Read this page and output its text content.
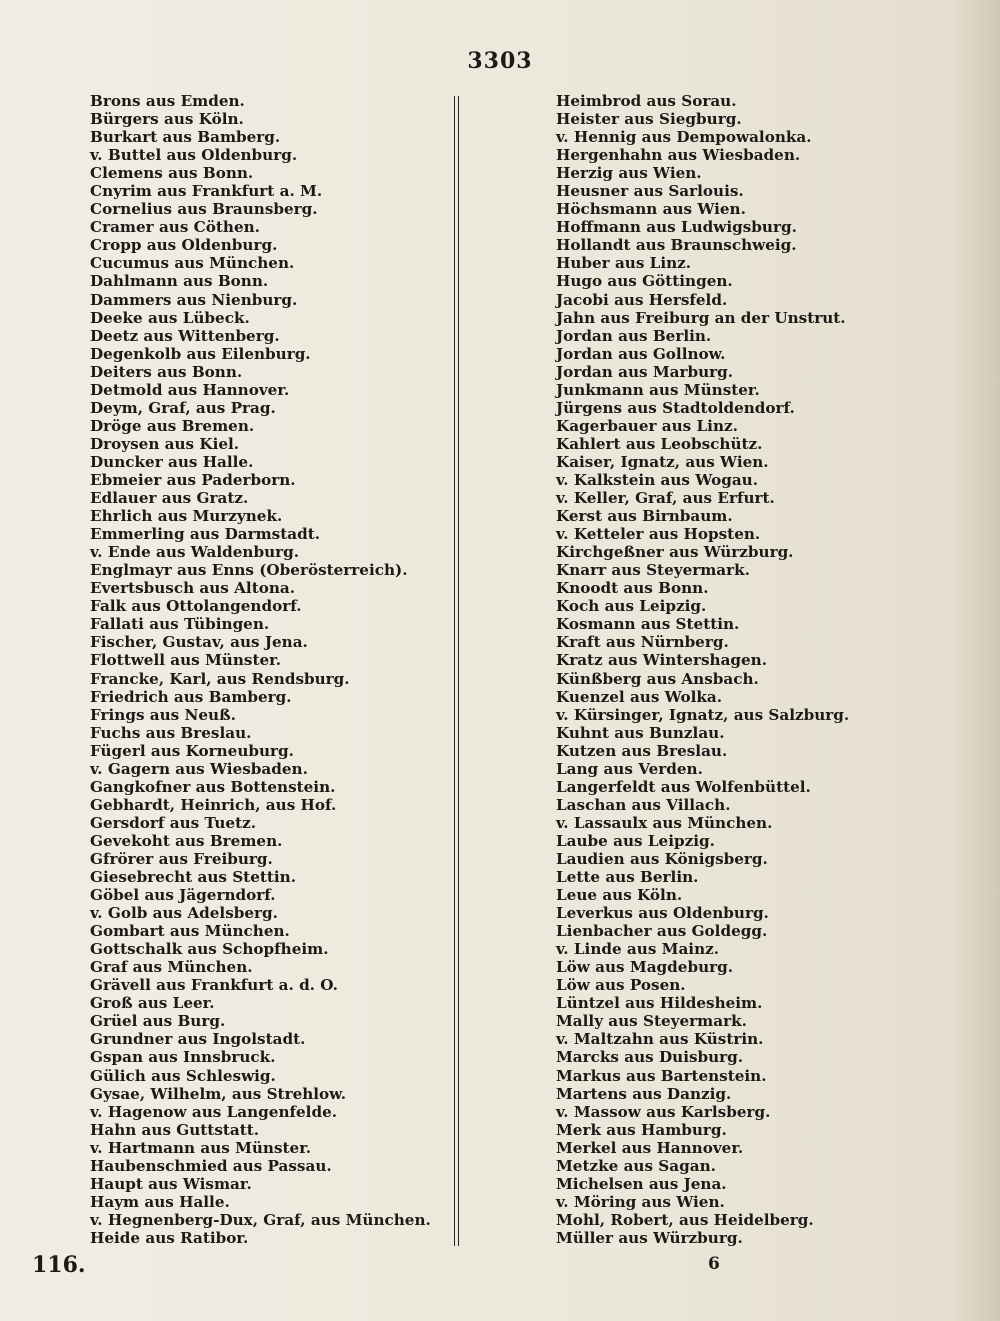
3303
Brons aus Emden.
Bürgers aus Köln.
Burkart aus Bamberg.
v. Buttel aus Oldenburg.
Clemens aus Bonn.
Cnyrim aus Frankfurt a. M.
Cornelius aus Braunsberg.
Cramer aus Cöthen.
Cropp aus Oldenburg.
Cucumus aus München.
Dahlmann aus Bonn.
Dammers aus Nienburg.
Deeke aus Lübeck.
Deetz aus Wittenberg.
Degenkolb aus Eilenburg.
Deiters aus Bonn.
Detmold aus Hannover.
Deym, Graf, aus Prag.
Dröge aus Bremen.
Droysen aus Kiel.
Duncker aus Halle.
Ebmeier aus Paderborn.
Edlauer aus Gratz.
Ehrlich aus Murzynek.
Emmerling aus Darmstadt.
v. Ende aus Waldenburg.
Englmayr aus Enns (Oberösterreich).
Evertsbusch aus Altona.
Falk aus Ottolangendorf.
Fallati aus Tübingen.
Fischer, Gustav, aus Jena.
Flottwell aus Münster.
Francke, Karl, aus Rendsburg.
Friedrich aus Bamberg.
Frings aus Neuß.
Fuchs aus Breslau.
Fügerl aus Korneuburg.
v. Gagern aus Wiesbaden.
Gangkofner aus Bottenstein.
Gebhardt, Heinrich, aus Hof.
Gersdorf aus Tuetz.
Gevekoht aus Bremen.
Gfrörer aus Freiburg.
Giesebrecht aus Stettin.
Göbel aus Jägerndorf.
v. Golb aus Adelsberg.
Gombart aus München.
Gottschalk aus Schopfheim.
Graf aus München.
Grävell aus Frankfurt a. d. O.
Groß aus Leer.
Grüel aus Burg.
Grundner aus Ingolstadt.
Gspan aus Innsbruck.
Gülich aus Schleswig.
Gysae, Wilhelm, aus Strehlow.
v. Hagenow aus Langenfelde.
Hahn aus Guttstatt.
v. Hartmann aus Münster.
Haubenschmied aus Passau.
Haupt aus Wismar.
Haym aus Halle.
v. Hegnenberg-Dux, Graf, aus München.
Heide aus Ratibor.
Heimbrod aus Sorau.
Heister aus Siegburg.
v. Hennig aus Dempowalonka.
Hergenhahn aus Wiesbaden.
Herzig aus Wien.
Heusner aus Sarlouis.
Höchsmann aus Wien.
Hoffmann aus Ludwigsburg.
Hollandt aus Braunschweig.
Huber aus Linz.
Hugo aus Göttingen.
Jacobi aus Hersfeld.
Jahn aus Freiburg an der Unstrut.
Jordan aus Berlin.
Jordan aus Gollnow.
Jordan aus Marburg.
Junkmann aus Münster.
Jürgens aus Stadtoldendorf.
Kagerbauer aus Linz.
Kahlert aus Leobschütz.
Kaiser, Ignatz, aus Wien.
v. Kalkstein aus Wogau.
v. Keller, Graf, aus Erfurt.
Kerst aus Birnbaum.
v. Ketteler aus Hopsten.
Kirchgeßner aus Würzburg.
Knarr aus Steyermark.
Knoodt aus Bonn.
Koch aus Leipzig.
Kosmann aus Stettin.
Kraft aus Nürnberg.
Kratz aus Wintershagen.
Künßberg aus Ansbach.
Kuenzel aus Wolka.
v. Kürsinger, Ignatz, aus Salzburg.
Kuhnt aus Bunzlau.
Kutzen aus Breslau.
Lang aus Verden.
Langerfeldt aus Wolfenbüttel.
Laschan aus Villach.
v. Lassaulx aus München.
Laube aus Leipzig.
Laudien aus Königsberg.
Lette aus Berlin.
Leue aus Köln.
Leverkus aus Oldenburg.
Lienbacher aus Goldegg.
v. Linde aus Mainz.
Löw aus Magdeburg.
Löw aus Posen.
Lüntzel aus Hildesheim.
Mally aus Steyermark.
v. Maltzahn aus Küstrin.
Marcks aus Duisburg.
Markus aus Bartenstein.
Martens aus Danzig.
v. Massow aus Karlsberg.
Merk aus Hamburg.
Merkel aus Hannover.
Metzke aus Sagan.
Michelsen aus Jena.
v. Möring aus Wien.
Mohl, Robert, aus Heidelberg.
Müller aus Würzburg.
116.	6
